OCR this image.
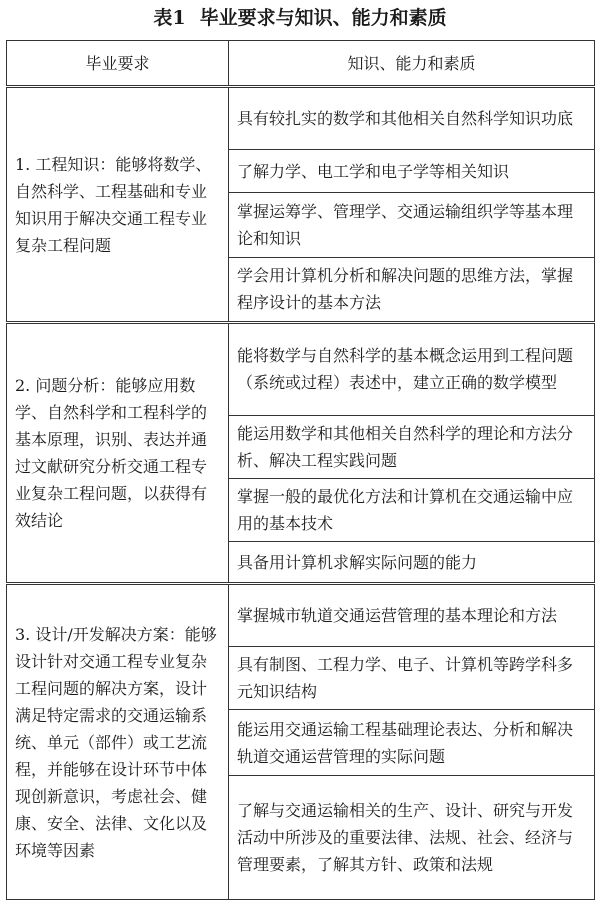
表1 毕业要求与知识、能力和素质
毕业要求	知识、能力和素质
1. 工程知识：能够将数学、自然科学、工程基础和专业知识用于解决交通工程专业复杂工程问题	具有较扎实的数学和其他相关自然科学知识功底
	了解力学、电工学和电子学等相关知识
	掌握运筹学、管理学、交通运输组织学等基本理论和知识
	学会用计算机分析和解决问题的思维方法，掌握程序设计的基本方法
2. 问题分析：能够应用数学、自然科学和工程科学的基本原理，识别、表达并通过文献研究分析交通工程专业复杂工程问题，以获得有效结论	能将数学与自然科学的基本概念运用到工程问题（系统或过程）表述中，建立正确的数学模型
	能运用数学和其他相关自然科学的理论和方法分析、解决工程实践问题
	掌握一般的最优化方法和计算机在交通运输中应用的基本技术
	具备用计算机求解实际问题的能力
3. 设计/开发解决方案：能够设计针对交通工程专业复杂工程问题的解决方案，设计满足特定需求的交通运输系统、单元（部件）或工艺流程，并能够在设计环节中体现创新意识，考虑社会、健康、安全、法律、文化以及环境等因素	掌握城市轨道交通运营管理的基本理论和方法
	具有制图、工程力学、电子、计算机等跨学科多元知识结构
	能运用交通运输工程基础理论表达、分析和解决轨道交通运营管理的实际问题
	了解与交通运输相关的生产、设计、研究与开发活动中所涉及的重要法律、法规、社会、经济与管理要素，了解其方针、政策和法规
